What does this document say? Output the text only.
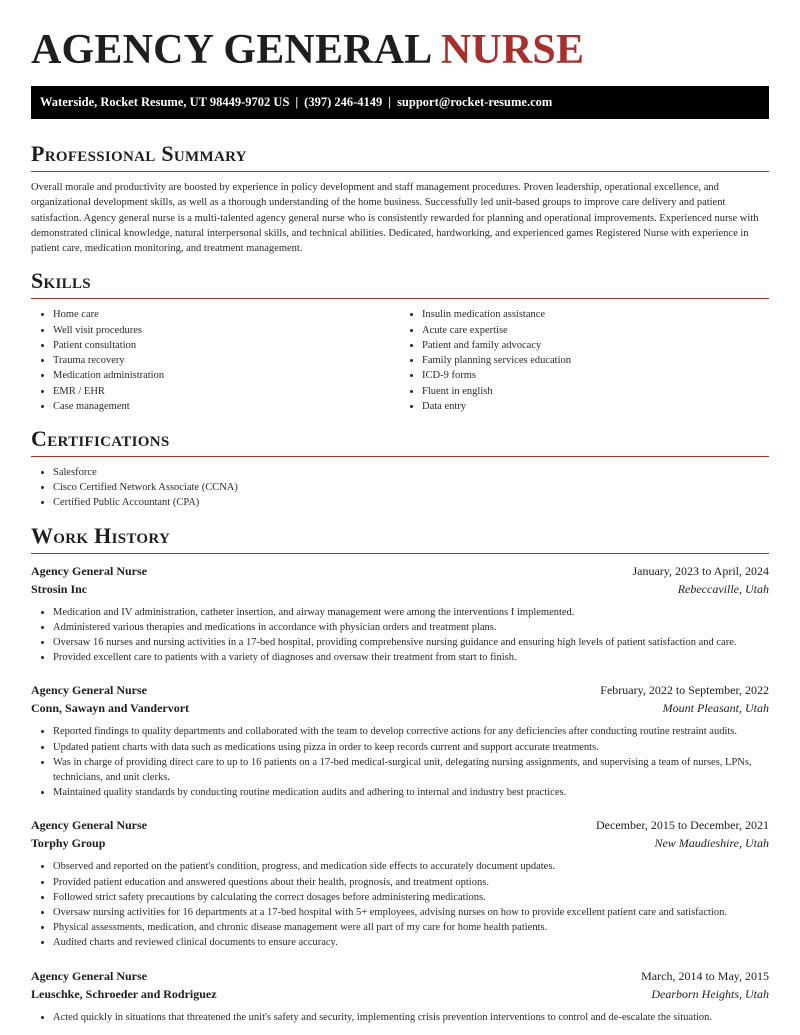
AGENCY GENERAL NURSE
Waterside, Rocket Resume, UT 98449-9702 US | (397) 246-4149 | support@rocket-resume.com
Professional Summary

Overall morale and productivity are boosted by experience in policy development and staff management procedures. Proven leadership, operational excellence, and organizational development skills, as well as a thorough understanding of the home business. Successfully led unit-based groups to improve care delivery and patient satisfaction. Agency general nurse is a multi-talented agency general nurse who is consistently rewarded for planning and operational improvements. Experienced nurse with demonstrated clinical knowledge, natural interpersonal skills, and technical abilities. Dedicated, hardworking, and experienced games Registered Nurse with experience in patient care, medication monitoring, and treatment management.

Skills
• Home care
• Well visit procedures
• Patient consultation
• Trauma recovery
• Medication administration
• EMR / EHR
• Case management
• Insulin medication assistance
• Acute care expertise
• Patient and family advocacy
• Family planning services education
• ICD-9 forms
• Fluent in english
• Data entry
Certifications
• Salesforce
• Cisco Certified Network Associate (CCNA)
• Certified Public Accountant (CPA)
Work History
Agency General Nurse	January, 2023 to April, 2024
Strosin Inc	Rebeccaville, Utah
• Medication and IV administration, catheter insertion, and airway management were among the interventions I implemented.
• Administered various therapies and medications in accordance with physician orders and treatment plans.
• Oversaw 16 nurses and nursing activities in a 17-bed hospital, providing comprehensive nursing guidance and ensuring high levels of patient satisfaction and care.
• Provided excellent care to patients with a variety of diagnoses and oversaw their treatment from start to finish.
Agency General Nurse	February, 2022 to September, 2022
Conn, Sawayn and Vandervort	Mount Pleasant, Utah
• Reported findings to quality departments and collaborated with the team to develop corrective actions for any deficiencies after conducting routine restraint audits.
• Updated patient charts with data such as medications using pizza in order to keep records current and support accurate treatments.
• Was in charge of providing direct care to up to 16 patients on a 17-bed medical-surgical unit, delegating nursing assignments, and supervising a team of nurses, LPNs, technicians, and unit clerks.
• Maintained quality standards by conducting routine medication audits and adhering to internal and industry best practices.
Agency General Nurse	December, 2015 to December, 2021
Torphy Group	New Maudieshire, Utah
• Observed and reported on the patient's condition, progress, and medication side effects to accurately document updates.
• Provided patient education and answered questions about their health, prognosis, and treatment options.
• Followed strict safety precautions by calculating the correct dosages before administering medications.
• Oversaw nursing activities for 16 departments at a 17-bed hospital with 5+ employees, advising nurses on how to provide excellent patient care and satisfaction.
• Physical assessments, medication, and chronic disease management were all part of my care for home health patients.
• Audited charts and reviewed clinical documents to ensure accuracy.
Agency General Nurse	March, 2014 to May, 2015
Leuschke, Schroeder and Rodriguez	Dearborn Heights, Utah
• Acted quickly in situations that threatened the unit's safety and security, implementing crisis prevention interventions to control and de-escalate the situation.
